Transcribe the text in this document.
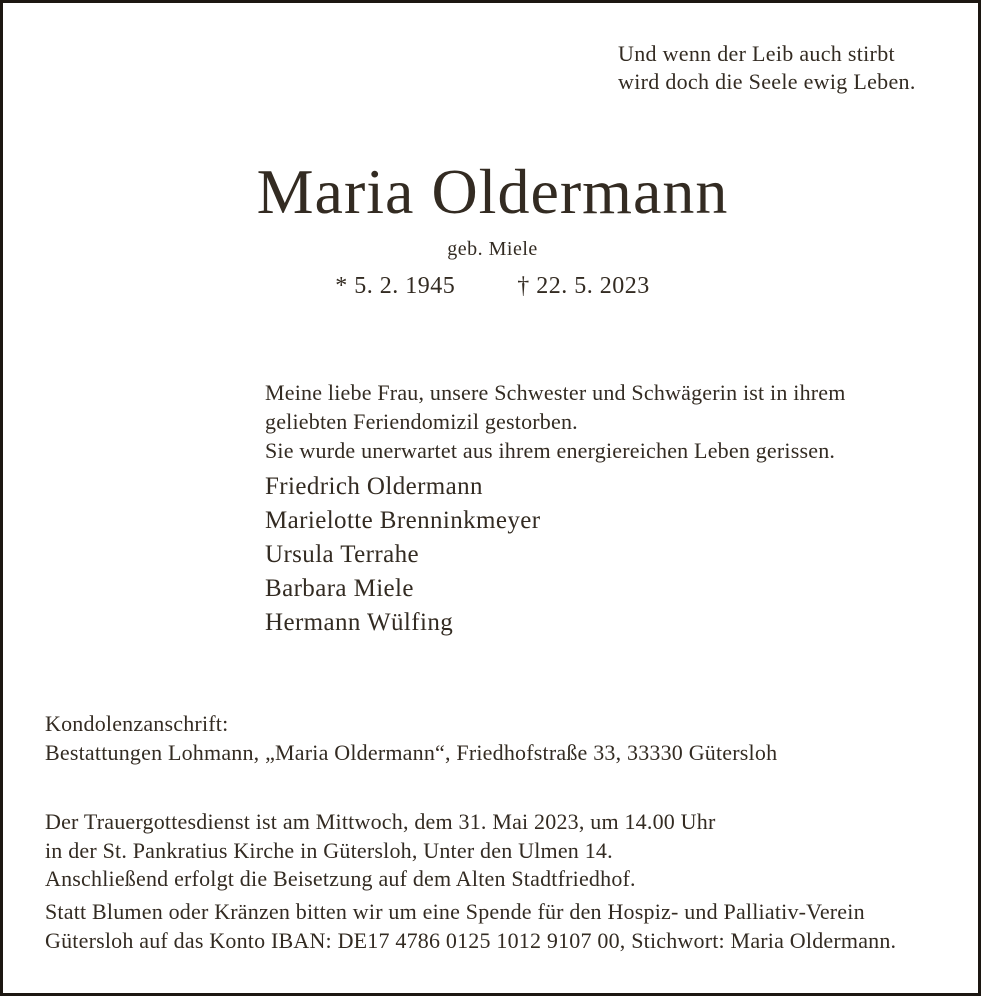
Und wenn der Leib auch stirbt
wird doch die Seele ewig Leben.
Maria Oldermann
geb. Miele
* 5. 2. 1945	† 22. 5. 2023
Meine liebe Frau, unsere Schwester und Schwägerin ist in ihrem
geliebten Feriendomizil gestorben.
Sie wurde unerwartet aus ihrem energiereichen Leben gerissen.
Friedrich Oldermann
Marielotte Brenninkmeyer
Ursula Terrahe
Barbara Miele
Hermann Wülfing
Kondolenzanschrift:
Bestattungen Lohmann, „Maria Oldermann“, Friedhofstraße 33, 33330 Gütersloh
Der Trauergottesdienst ist am Mittwoch, dem 31. Mai 2023, um 14.00 Uhr
in der St. Pankratius Kirche in Gütersloh, Unter den Ulmen 14.
Anschließend erfolgt die Beisetzung auf dem Alten Stadtfriedhof.
Statt Blumen oder Kränzen bitten wir um eine Spende für den Hospiz- und Palliativ-Verein
Gütersloh auf das Konto IBAN: DE17 4786 0125 1012 9107 00, Stichwort: Maria Oldermann.
